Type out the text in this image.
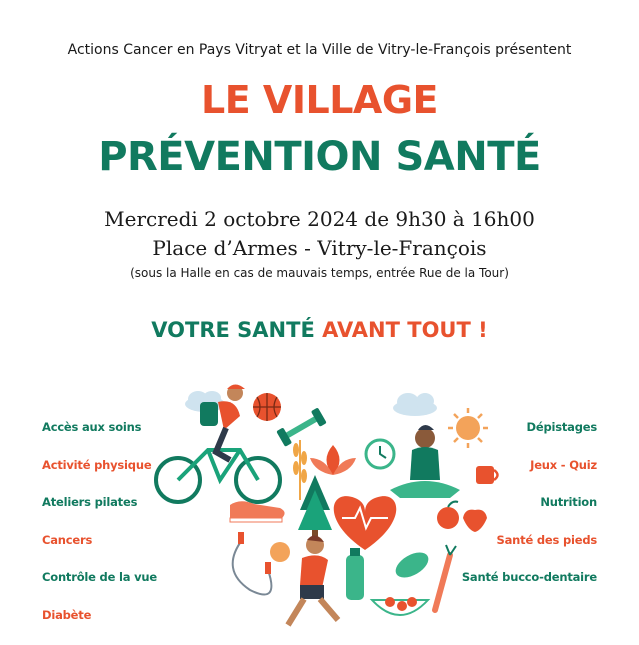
Actions Cancer en Pays Vitryat et la Ville de Vitry-le-François présentent
LE VILLAGE
PRÉVENTION SANTÉ
Mercredi 2 octobre 2024 de 9h30 à 16h00
Place d’Armes - Vitry-le-François
(sous la Halle en cas de mauvais temps, entrée Rue de la Tour)
VOTRE SANTÉ AVANT TOUT !
Accès aux soins
Activité physique
Ateliers pilates
Cancers
Contrôle de la vue
Diabète
Dépistages
Jeux - Quiz
Nutrition
Santé des pieds
Santé bucco-dentaire
